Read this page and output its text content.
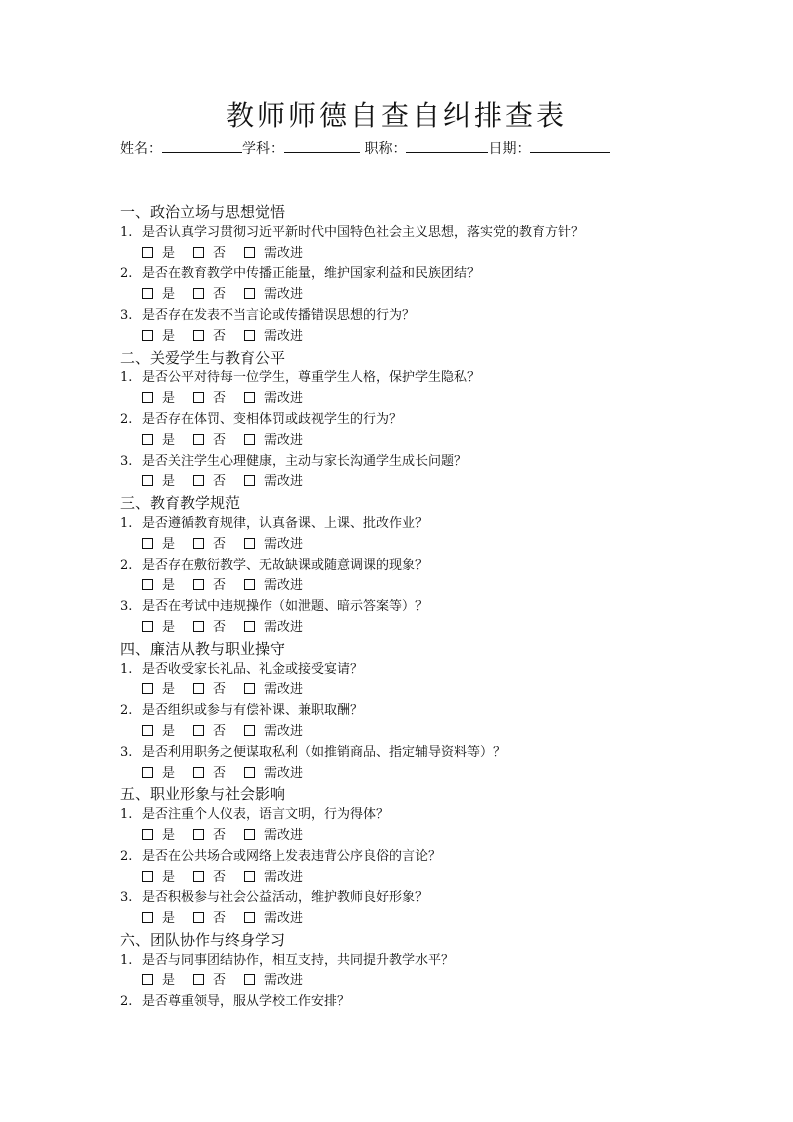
教师师德自查自纠排查表
姓名：	学科：	职称：	日期：
一、政治立场与思想觉悟
1. 是否认真学习贯彻习近平新时代中国特色社会主义思想，落实党的教育方针？
是	否	需改进
2. 是否在教育教学中传播正能量，维护国家利益和民族团结？
是	否	需改进
3. 是否存在发表不当言论或传播错误思想的行为？
是	否	需改进
二、关爱学生与教育公平
1. 是否公平对待每一位学生，尊重学生人格，保护学生隐私？
是	否	需改进
2. 是否存在体罚、变相体罚或歧视学生的行为？
是	否	需改进
3. 是否关注学生心理健康，主动与家长沟通学生成长问题？
是	否	需改进
三、教育教学规范
1. 是否遵循教育规律，认真备课、上课、批改作业？
是	否	需改进
2. 是否存在敷衍教学、无故缺课或随意调课的现象？
是	否	需改进
3. 是否在考试中违规操作（如泄题、暗示答案等）？
是	否	需改进
四、廉洁从教与职业操守
1. 是否收受家长礼品、礼金或接受宴请？
是	否	需改进
2. 是否组织或参与有偿补课、兼职取酬？
是	否	需改进
3. 是否利用职务之便谋取私利（如推销商品、指定辅导资料等）？
是	否	需改进
五、职业形象与社会影响
1. 是否注重个人仪表，语言文明，行为得体？
是	否	需改进
2. 是否在公共场合或网络上发表违背公序良俗的言论？
是	否	需改进
3. 是否积极参与社会公益活动，维护教师良好形象？
是	否	需改进
六、团队协作与终身学习
1. 是否与同事团结协作，相互支持，共同提升教学水平？
是	否	需改进
2. 是否尊重领导，服从学校工作安排？
